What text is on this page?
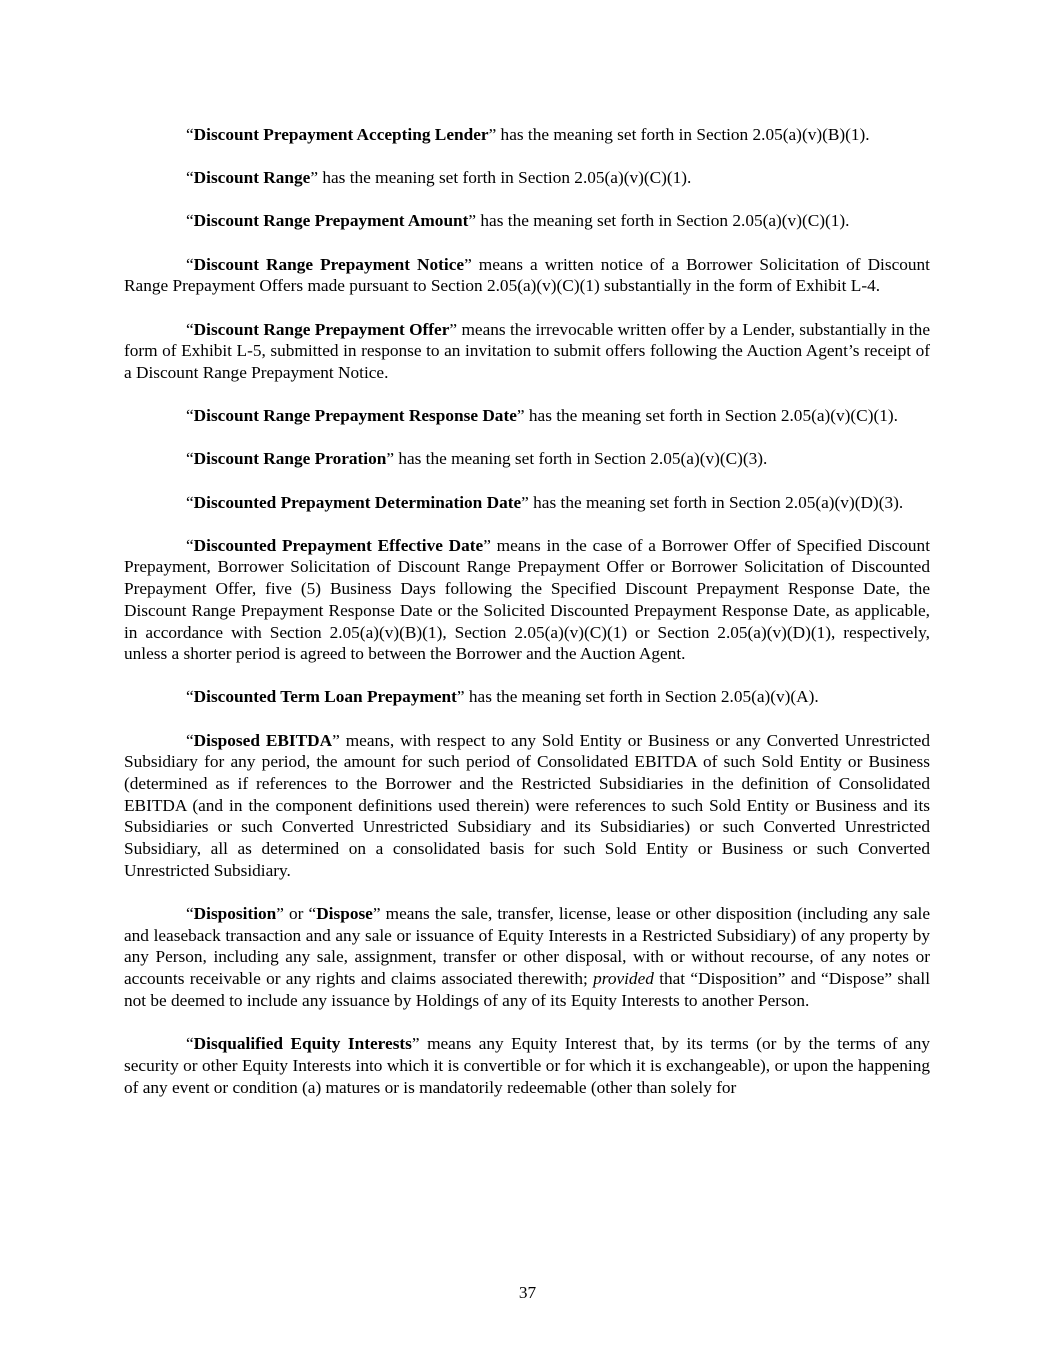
“Discount Prepayment Accepting Lender” has the meaning set forth in Section 2.05(a)(v)(B)(1).

“Discount Range” has the meaning set forth in Section 2.05(a)(v)(C)(1).

“Discount Range Prepayment Amount” has the meaning set forth in Section 2.05(a)(v)(C)(1).

“Discount Range Prepayment Notice” means a written notice of a Borrower Solicitation of Discount Range Prepayment Offers made pursuant to Section 2.05(a)(v)(C)(1) substantially in the form of Exhibit L-4.

“Discount Range Prepayment Offer” means the irrevocable written offer by a Lender, substantially in the form of Exhibit L-5, submitted in response to an invitation to submit offers following the Auction Agent’s receipt of a Discount Range Prepayment Notice.

“Discount Range Prepayment Response Date” has the meaning set forth in Section 2.05(a)(v)(C)(1).

“Discount Range Proration” has the meaning set forth in Section 2.05(a)(v)(C)(3).

“Discounted Prepayment Determination Date” has the meaning set forth in Section 2.05(a)(v)(D)(3).

“Discounted Prepayment Effective Date” means in the case of a Borrower Offer of Specified Discount Prepayment, Borrower Solicitation of Discount Range Prepayment Offer or Borrower Solicitation of Discounted Prepayment Offer, five (5) Business Days following the Specified Discount Prepayment Response Date, the Discount Range Prepayment Response Date or the Solicited Discounted Prepayment Response Date, as applicable, in accordance with Section 2.05(a)(v)(B)(1), Section 2.05(a)(v)(C)(1) or Section 2.05(a)(v)(D)(1), respectively, unless a shorter period is agreed to between the Borrower and the Auction Agent.

“Discounted Term Loan Prepayment” has the meaning set forth in Section 2.05(a)(v)(A).

“Disposed EBITDA” means, with respect to any Sold Entity or Business or any Converted Unrestricted Subsidiary for any period, the amount for such period of Consolidated EBITDA of such Sold Entity or Business (determined as if references to the Borrower and the Restricted Subsidiaries in the definition of Consolidated EBITDA (and in the component definitions used therein) were references to such Sold Entity or Business and its Subsidiaries or such Converted Unrestricted Subsidiary and its Subsidiaries) or such Converted Unrestricted Subsidiary, all as determined on a consolidated basis for such Sold Entity or Business or such Converted Unrestricted Subsidiary.

“Disposition” or “Dispose” means the sale, transfer, license, lease or other disposition (including any sale and leaseback transaction and any sale or issuance of Equity Interests in a Restricted Subsidiary) of any property by any Person, including any sale, assignment, transfer or other disposal, with or without recourse, of any notes or accounts receivable or any rights and claims associated therewith; provided that “Disposition” and “Dispose” shall not be deemed to include any issuance by Holdings of any of its Equity Interests to another Person.

“Disqualified Equity Interests” means any Equity Interest that, by its terms (or by the terms of any security or other Equity Interests into which it is convertible or for which it is exchangeable), or upon the happening of any event or condition (a) matures or is mandatorily redeemable (other than solely for

37
